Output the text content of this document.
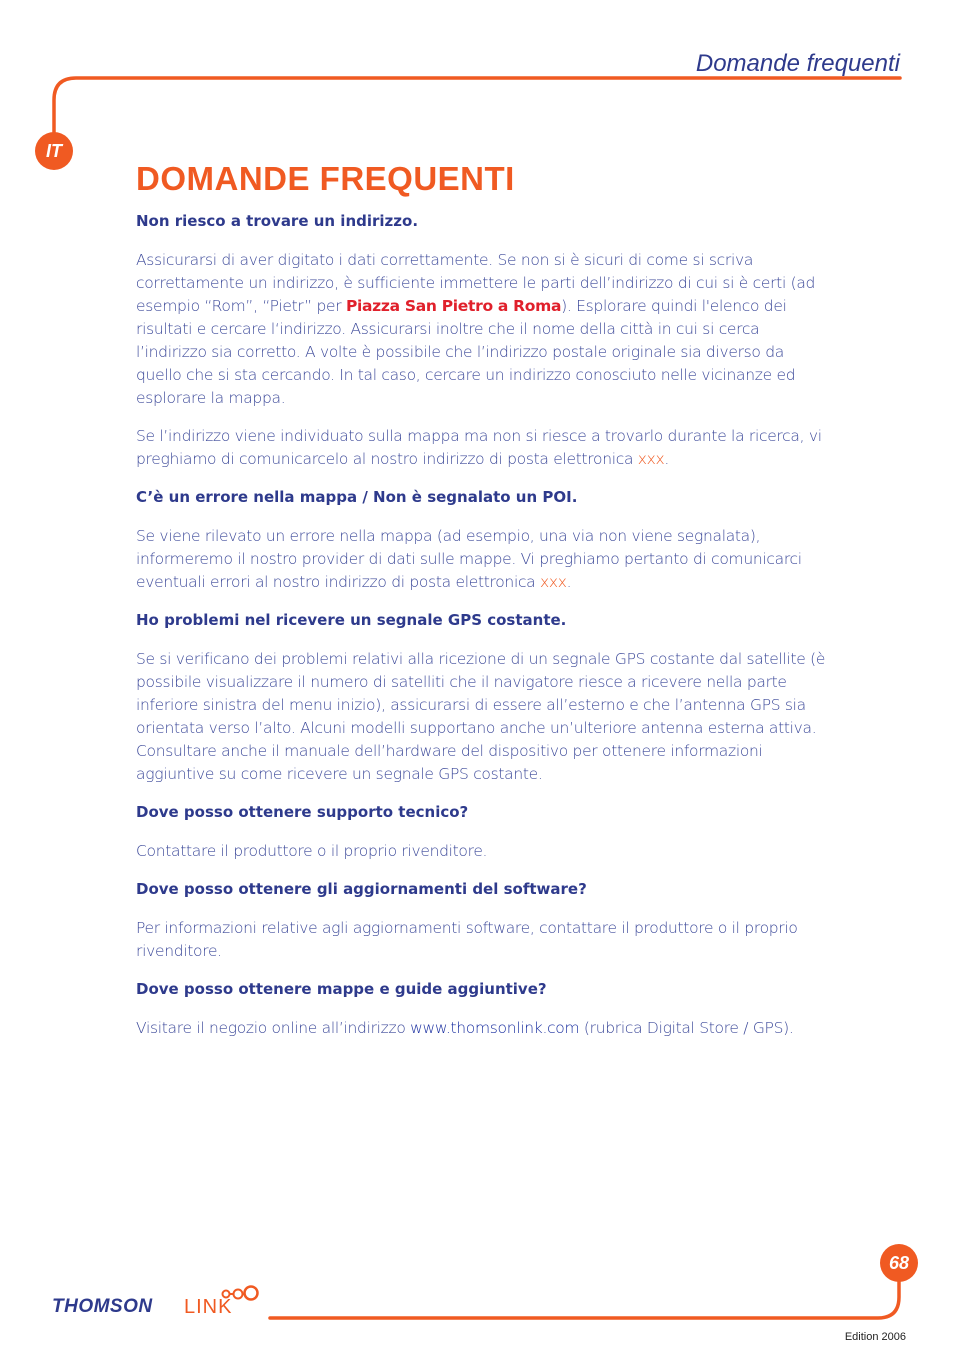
Domande frequenti
IT
DOMANDE FREQUENTI

Non riesco a trovare un indirizzo.

Assicurarsi di aver digitato i dati correttamente. Se non si è sicuri di come si scriva correttamente un indirizzo, è sufficiente immettere le parti dell’indirizzo di cui si è certi (ad esempio “Rom”, “Pietr” per Piazza San Pietro a Roma). Esplorare quindi l'elenco dei risultati e cercare l‘indirizzo. Assicurarsi inoltre che il nome della città in cui si cerca l’indirizzo sia corretto. A volte è possibile che l’indirizzo postale originale sia diverso da quello che si sta cercando. In tal caso, cercare un indirizzo conosciuto nelle vicinanze ed esplorare la mappa.

Se l’indirizzo viene individuato sulla mappa ma non si riesce a trovarlo durante la ricerca, vi preghiamo di comunicarcelo al nostro indirizzo di posta elettronica xxx.

C’è un errore nella mappa / Non è segnalato un POI.

Se viene rilevato un errore nella mappa (ad esempio, una via non viene segnalata), informeremo il nostro provider di dati sulle mappe. Vi preghiamo pertanto di comunicarci eventuali errori al nostro indirizzo di posta elettronica xxx.

Ho problemi nel ricevere un segnale GPS costante.

Se si verificano dei problemi relativi alla ricezione di un segnale GPS costante dal satellite (è possibile visualizzare il numero di satelliti che il navigatore riesce a ricevere nella parte inferiore sinistra del menu inizio), assicurarsi di essere all’esterno e che l’antenna GPS sia orientata verso l’alto. Alcuni modelli supportano anche un’ulteriore antenna esterna attiva. Consultare anche il manuale dell’hardware del dispositivo per ottenere informazioni aggiuntive su come ricevere un segnale GPS costante.

Dove posso ottenere supporto tecnico?

Contattare il produttore o il proprio rivenditore.

Dove posso ottenere gli aggiornamenti del software?

Per informazioni relative agli aggiornamenti software, contattare il produttore o il proprio rivenditore.

Dove posso ottenere mappe e guide aggiuntive?

Visitare il negozio online all’indirizzo www.thomsonlink.com (rubrica Digital Store / GPS).

68
THOMSON LINK
Edition 2006
